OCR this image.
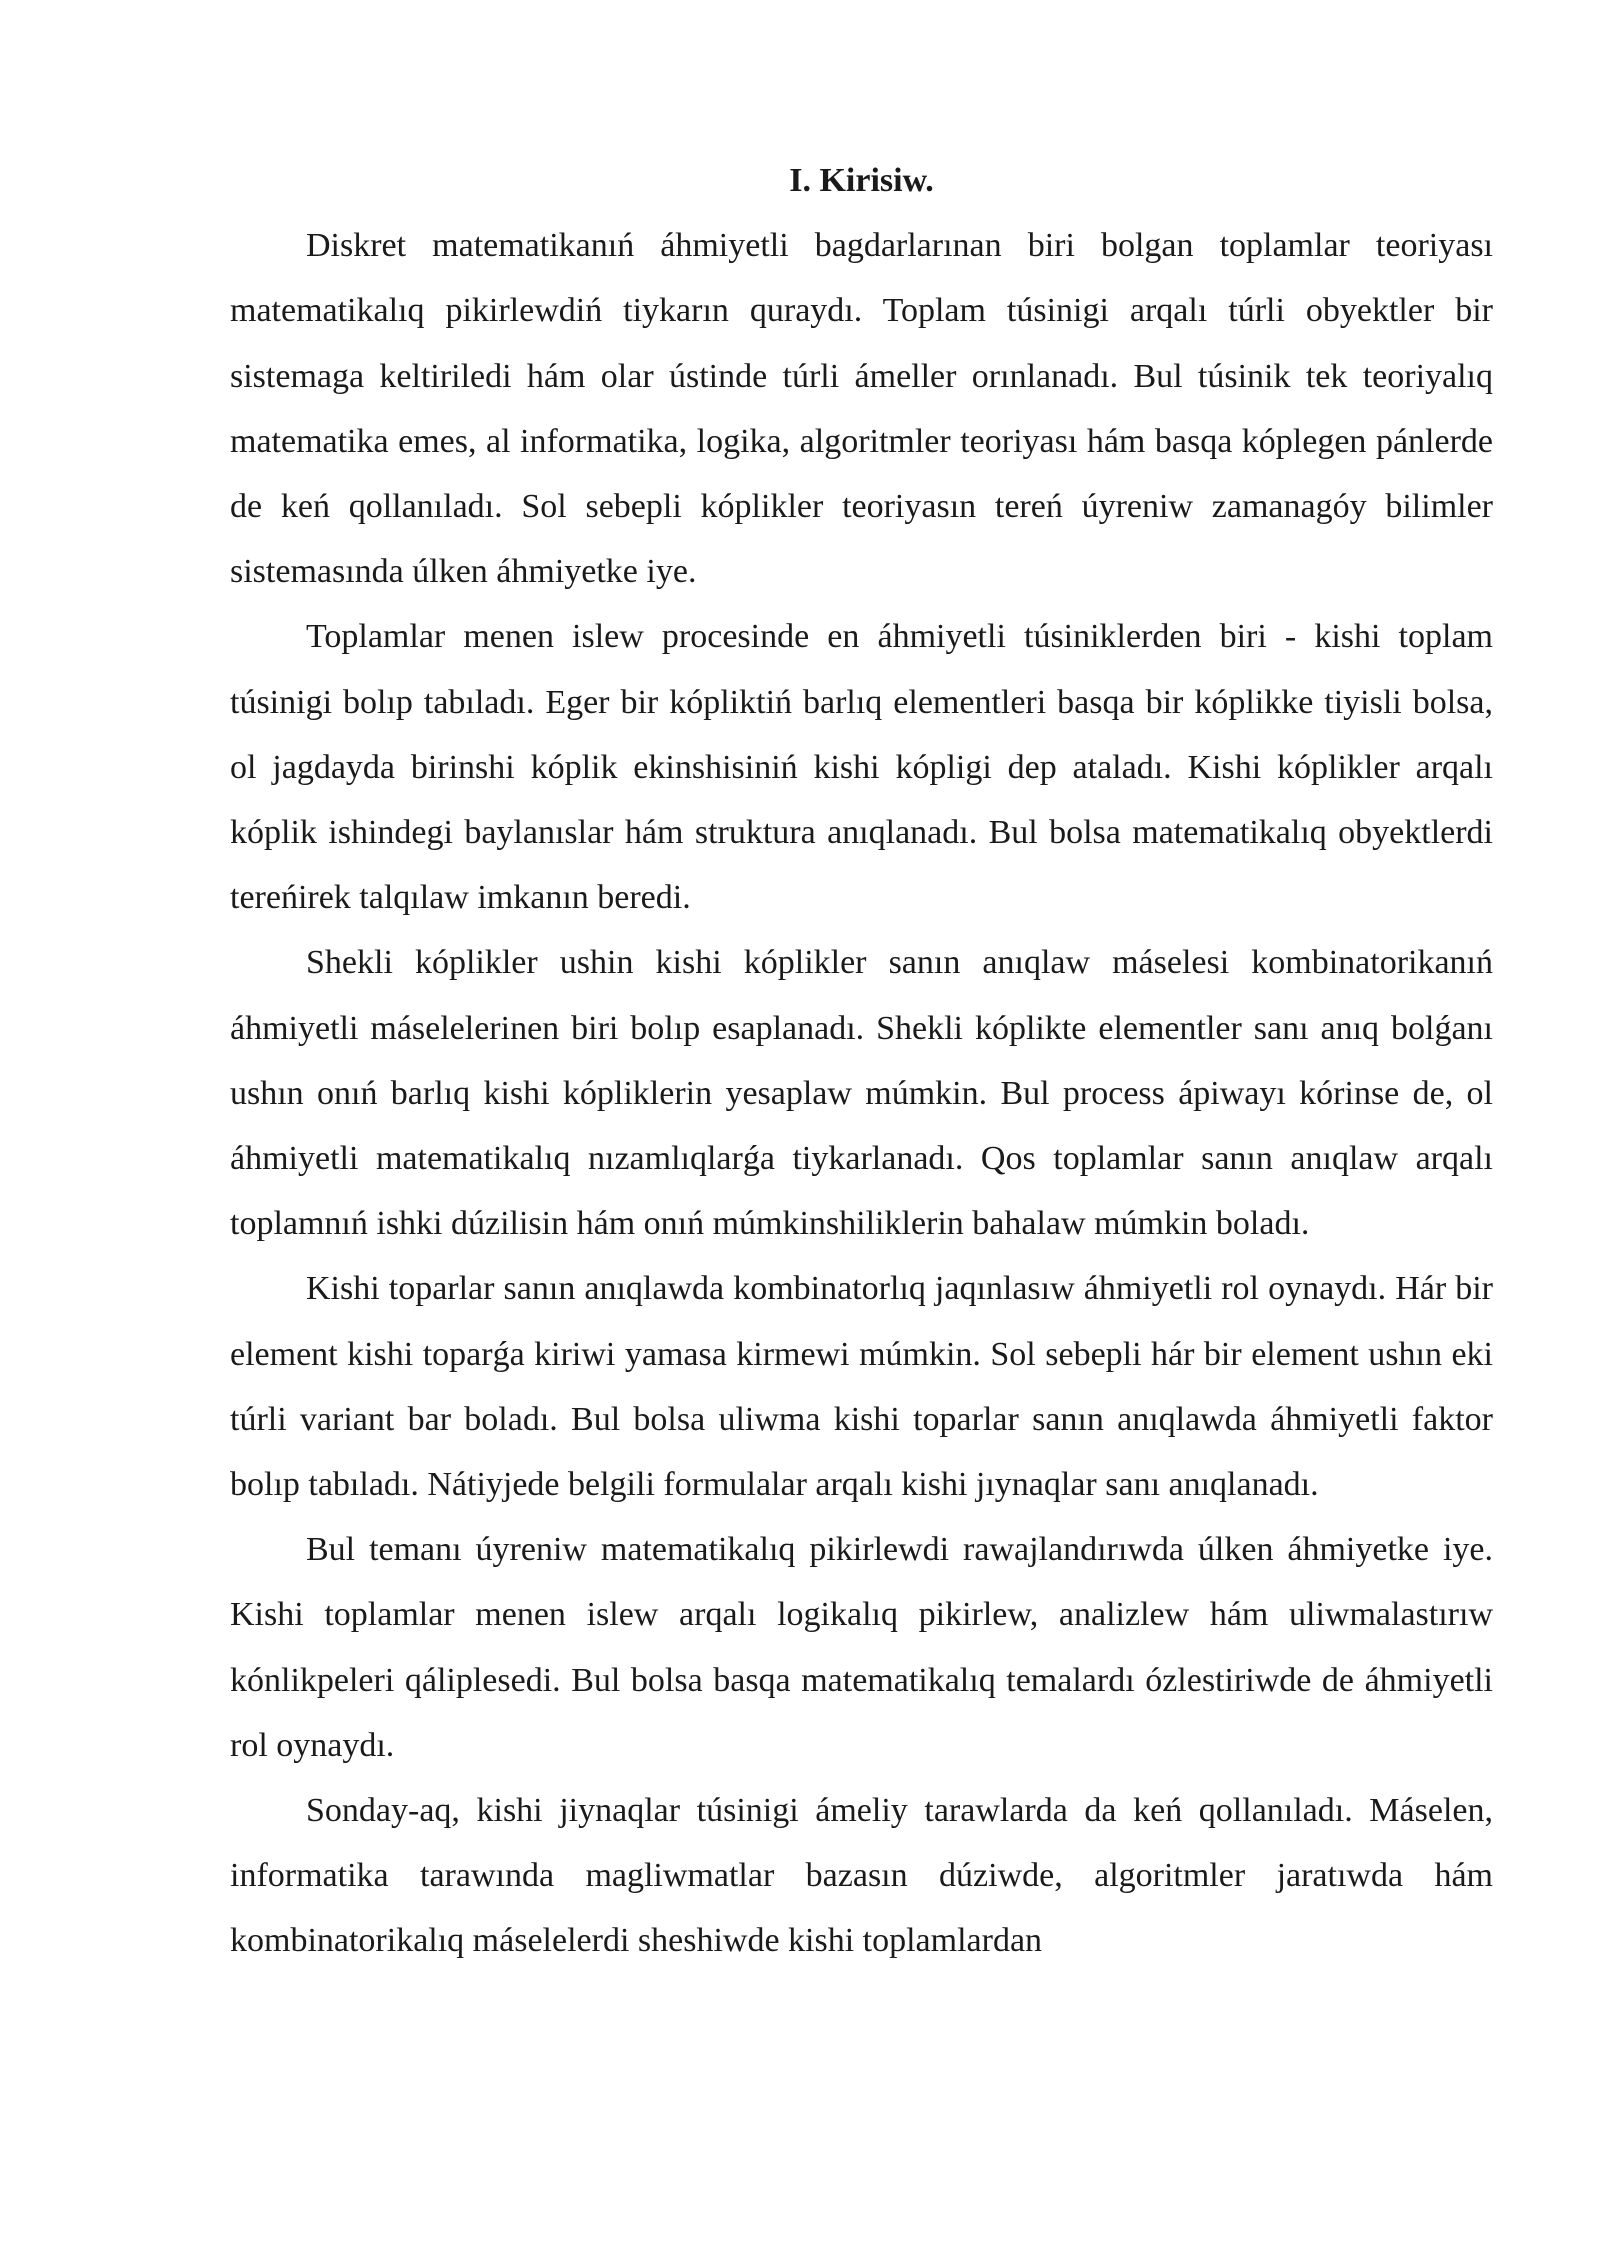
I. Kirisiw.

Diskret matematikanıń áhmiyetli bagdarlarınan biri bolgan toplamlar teoriyası matematikalıq pikirlewdiń tiykarın quraydı. Toplam túsinigi arqalı túrli obyektler bir sistemaga keltiriledi hám olar ústinde túrli ámeller orınlanadı. Bul túsinik tek teoriyalıq matematika emes, al informatika, logika, algoritmler teoriyası hám basqa kóplegen pánlerde de keń qollanıladı. Sol sebepli kóplikler teoriyasın tereń úyreniw zamanagóy bilimler sistemasında úlken áhmiyetke iye.

Toplamlar menen islew procesinde en áhmiyetli túsiniklerden biri - kishi toplam túsinigi bolıp tabıladı. Eger bir kópliktiń barlıq elementleri basqa bir kóplikke tiyisli bolsa, ol jagdayda birinshi kóplik ekinshisiniń kishi kópligi dep ataladı. Kishi kóplikler arqalı kóplik ishindegi baylanıslar hám struktura anıqlanadı. Bul bolsa matematikalıq obyektlerdi tereńirek talqılaw imkanın beredi.

Shekli kóplikler ushin kishi kóplikler sanın anıqlaw máselesi kombinatorikanıń áhmiyetli máselelerinen biri bolıp esaplanadı. Shekli kóplikte elementler sanı anıq bolǵanı ushın onıń barlıq kishi kópliklerin yesaplaw múmkin. Bul process ápiwayı kórinse de, ol áhmiyetli matematikalıq nızamlıqlarǵa tiykarlanadı. Qos toplamlar sanın anıqlaw arqalı toplamnıń ishki dúzilisin hám onıń múmkinshiliklerin bahalaw múmkin boladı.

Kishi toparlar sanın anıqlawda kombinatorlıq jaqınlasıw áhmiyetli rol oynaydı. Hár bir element kishi toparǵa kiriwi yamasa kirmewi múmkin. Sol sebepli hár bir element ushın eki túrli variant bar boladı. Bul bolsa uliwma kishi toparlar sanın anıqlawda áhmiyetli faktor bolıp tabıladı. Nátiyjede belgili formulalar arqalı kishi jıynaqlar sanı anıqlanadı.

Bul temanı úyreniw matematikalıq pikirlewdi rawajlandırıwda úlken áhmiyetke iye. Kishi toplamlar menen islew arqalı logikalıq pikirlew, analizlew hám uliwmalastırıw kónlikpeleri qáliplesedi. Bul bolsa basqa matematikalıq temalardı ózlestiriwde de áhmiyetli rol oynaydı.

Sonday-aq, kishi jiynaqlar túsinigi ámeliy tarawlarda da keń qollanıladı. Máselen, informatika tarawında magliwmatlar bazasın dúziwde, algoritmler jaratıwda hám kombinatorikalıq máselelerdi sheshiwde kishi toplamlardan
